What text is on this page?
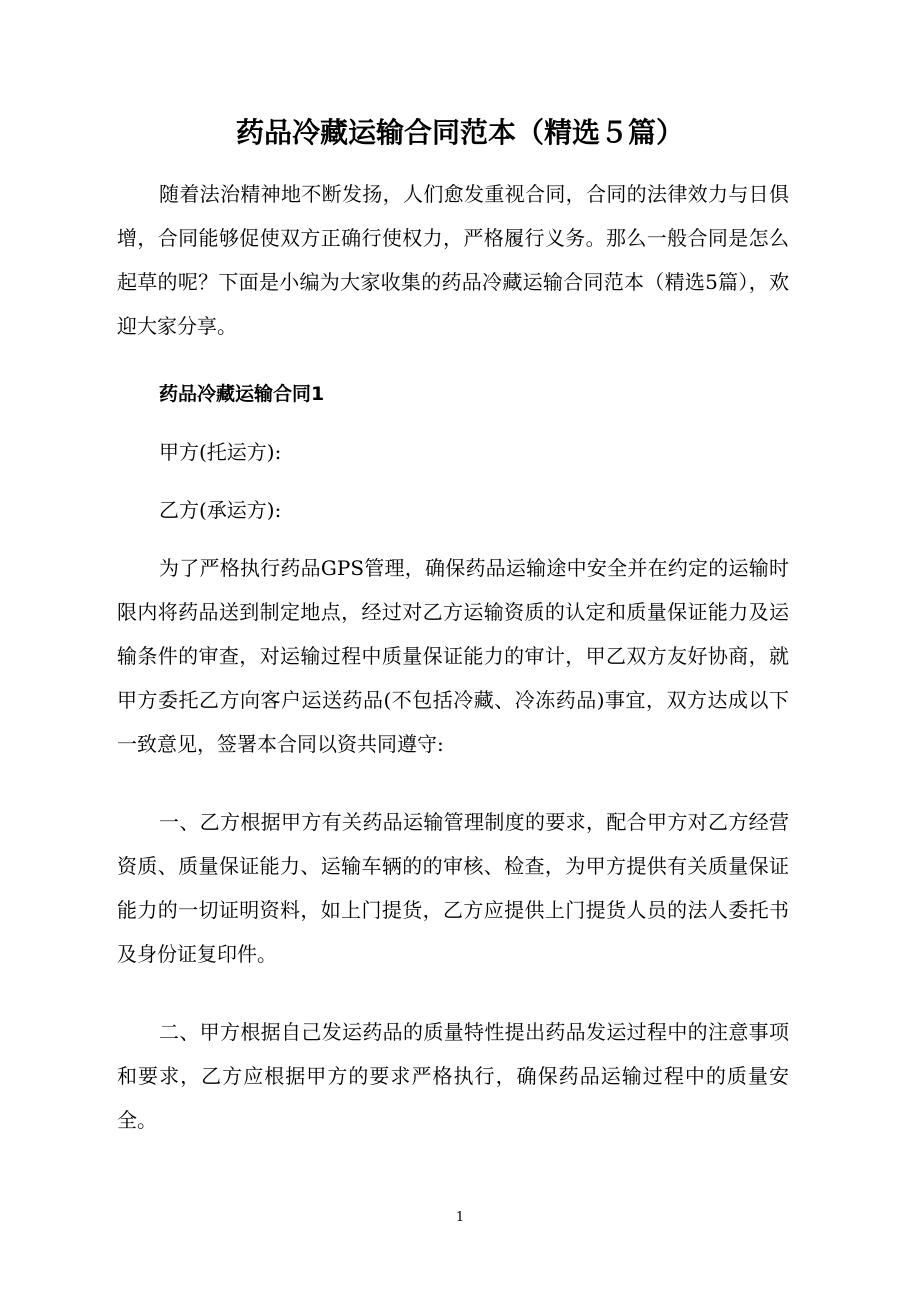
药品冷藏运输合同范本（精选５篇）

随着法治精神地不断发扬，人们愈发重视合同，合同的法律效力与日俱增，合同能够促使双方正确行使权力，严格履行义务。那么一般合同是怎么起草的呢？下面是小编为大家收集的药品冷藏运输合同范本（精选5篇），欢迎大家分享。

药品冷藏运输合同1

甲方(托运方):

乙方(承运方):

为了严格执行药品GPS管理，确保药品运输途中安全并在约定的运输时限内将药品送到制定地点，经过对乙方运输资质的认定和质量保证能力及运输条件的审查，对运输过程中质量保证能力的审计，甲乙双方友好协商，就甲方委托乙方向客户运送药品(不包括冷藏、冷冻药品)事宜，双方达成以下一致意见，签署本合同以资共同遵守:

一、乙方根据甲方有关药品运输管理制度的要求，配合甲方对乙方经营资质、质量保证能力、运输车辆的的审核、检查，为甲方提供有关质量保证能力的一切证明资料，如上门提货，乙方应提供上门提货人员的法人委托书及身份证复印件。

二、甲方根据自己发运药品的质量特性提出药品发运过程中的注意事项和要求，乙方应根据甲方的要求严格执行，确保药品运输过程中的质量安全。

1
